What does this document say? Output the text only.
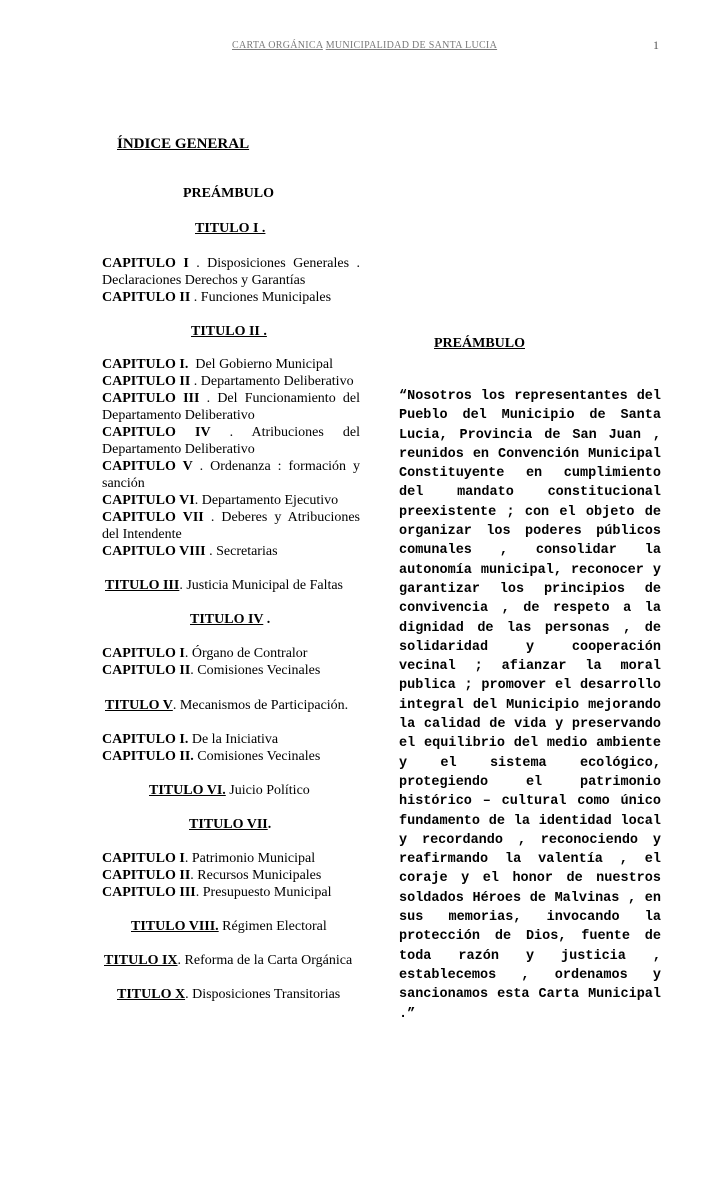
CARTA ORGÁNICA MUNICIPALIDAD DE SANTA LUCIA	1
ÍNDICE GENERAL
PREÁMBULO
TITULO I .
CAPITULO I . Disposiciones Generales .
Declaraciones Derechos y Garantías
CAPITULO II . Funciones Municipales
TITULO II .
CAPITULO I. Del Gobierno Municipal
CAPITULO II . Departamento Deliberativo
CAPITULO III . Del Funcionamiento del
Departamento Deliberativo
CAPITULO IV . Atribuciones del
Departamento Deliberativo
CAPITULO V . Ordenanza : formación y
sanción
CAPITULO VI. Departamento Ejecutivo
CAPITULO VII . Deberes y Atribuciones
del Intendente
CAPITULO VIII . Secretarias
TITULO III. Justicia Municipal de Faltas
TITULO IV .
CAPITULO I. Órgano de Contralor
CAPITULO II. Comisiones Vecinales
TITULO V. Mecanismos de Participación.
CAPITULO I. De la Iniciativa
CAPITULO II. Comisiones Vecinales
TITULO VI. Juicio Político
TITULO VII.
CAPITULO I. Patrimonio Municipal
CAPITULO II. Recursos Municipales
CAPITULO III. Presupuesto Municipal
TITULO VIII. Régimen Electoral
TITULO IX. Reforma de la Carta Orgánica
TITULO X. Disposiciones Transitorias
PREÁMBULO
“Nosotros los representantes del Pueblo del Municipio de Santa Lucia, Provincia de San Juan , reunidos en Convención Municipal Constituyente en cumplimiento del mandato constitucional preexistente ; con el objeto de organizar los poderes públicos comunales , consolidar la autonomía municipal, reconocer y garantizar los principios de convivencia , de respeto a la dignidad de las personas , de solidaridad y cooperación vecinal ; afianzar la moral publica ; promover el desarrollo integral del Municipio mejorando la calidad de vida y preservando el equilibrio del medio ambiente y el sistema ecológico, protegiendo el patrimonio histórico – cultural como único fundamento de la identidad local y recordando , reconociendo y reafirmando la valentía , el coraje y el honor de nuestros soldados Héroes de Malvinas , en sus memorias, invocando la protección de Dios, fuente de toda razón y justicia , establecemos , ordenamos y sancionamos esta Carta Municipal .”
